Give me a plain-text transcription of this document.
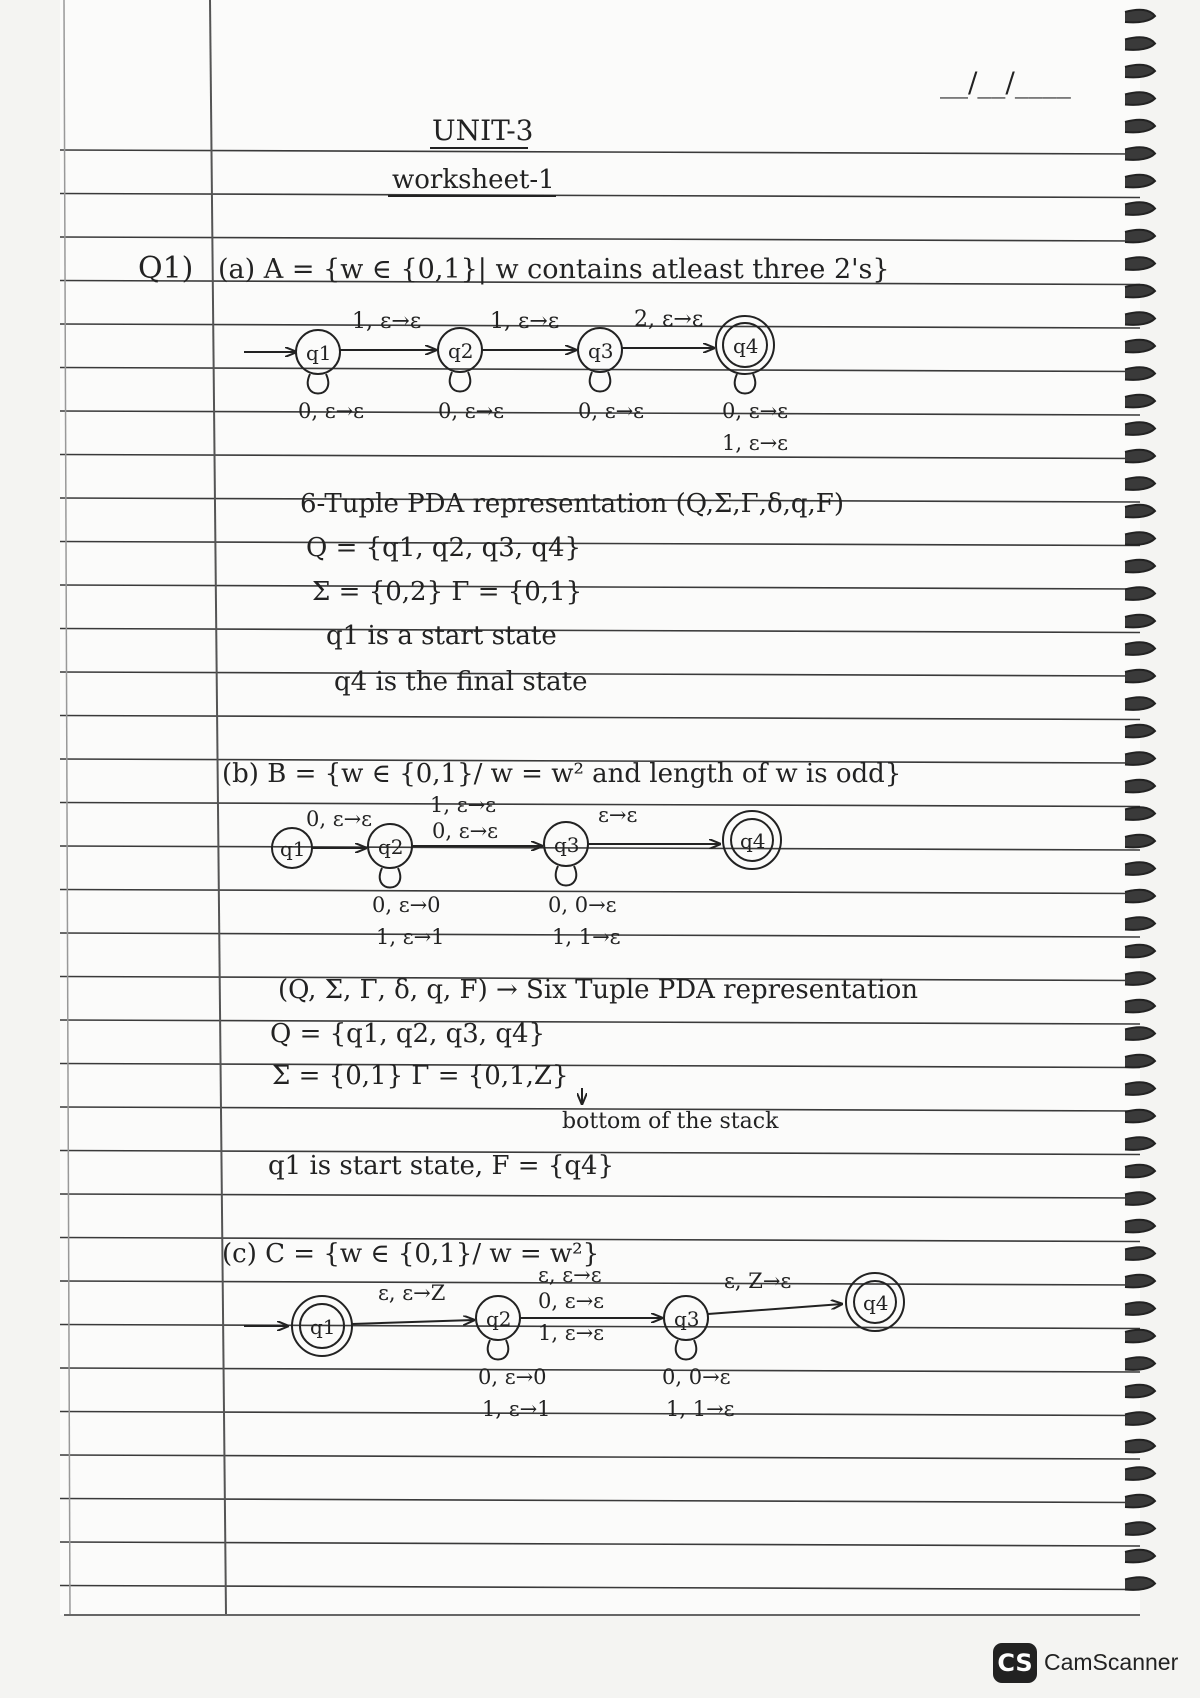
__/__/____
UNIT-3
worksheet-1
Q1) (a) A = {w ∈ {0,1}| w contains atleast three 2's}
q1	q2	q3	q4
1, ε→ε	1, ε→ε	2, ε→ε
0, ε→ε	0, ε→ε	0, ε→ε	0, ε→ε
1, ε→ε
6-Tuple PDA representation (Q,Σ,Γ,δ,q,F)
Q = {q1, q2, q3, q4}
Σ = {0,2} Γ = {0,1}
q1 is a start state
q4 is the final state
(b) B = {w ∈ {0,1}/ w = w² and length of w is odd}
q1	q2	q3	q4
0, ε→ε
1, ε→ε
0, ε→ε
ε→ε
0, ε→0
1, ε→1
0, 0→ε
1, 1→ε
(Q, Σ, Γ, δ, q, F) → Six Tuple PDA representation
Q = {q1, q2, q3, q4}
Σ = {0,1} Γ = {0,1,Z}
bottom of the stack
q1 is start state, F = {q4}
(c) C = {w ∈ {0,1}/ w = w²}
q1	q2	q3
q4
ε, ε→Z
ε, ε→ε
0, ε→ε
1, ε→ε
ε, Z→ε
0, ε→0
1, ε→1
0, 0→ε
1, 1→ε
CS CamScanner
